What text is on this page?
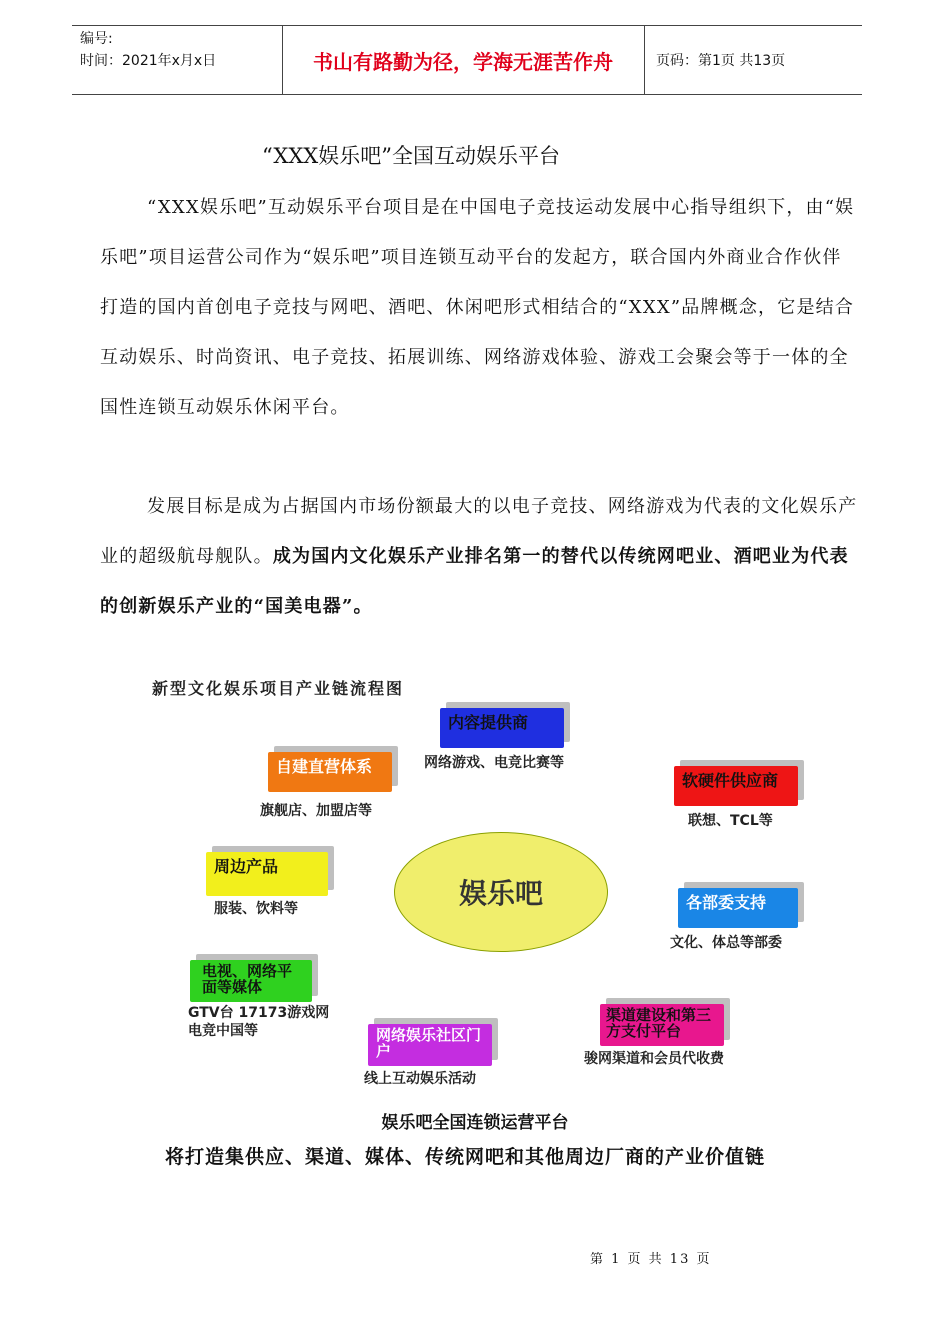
编号:
时间：2021年x月x日	书山有路勤为径，学海无涯苦作舟	页码：第1页 共13页
“XXX娱乐吧”全国互动娱乐平台

“XXX娱乐吧”互动娱乐平台项目是在中国电子竞技运动发展中心指导组织下，由“娱乐吧”项目运营公司作为“娱乐吧”项目连锁互动平台的发起方，联合国内外商业合作伙伴打造的国内首创电子竞技与网吧、酒吧、休闲吧形式相结合的“XXX”品牌概念，它是结合互动娱乐、时尚资讯、电子竞技、拓展训练、网络游戏体验、游戏工会聚会等于一体的全国性连锁互动娱乐休闲平台。

发展目标是成为占据国内市场份额最大的以电子竞技、网络游戏为代表的文化娱乐产业的超级航母舰队。成为国内文化娱乐产业排名第一的替代以传统网吧业、酒吧业为代表的创新娱乐产业的“国美电器”。

新型文化娱乐项目产业链流程图
娱乐吧
内容提供商
网络游戏、电竞比赛等
自建直营体系
旗舰店、加盟店等
软硬件供应商
联想、TCL等
周边产品
服装、饮料等	各部委支持
文化、体总等部委
电视、网络平面等媒体
GTV台 17173游戏网 电竞中国等	网络娱乐社区门户
渠道建设和第三方支付平台
骏网渠道和会员代收费
线上互动娱乐活动
娱乐吧全国连锁运营平台
将打造集供应、渠道、媒体、传统网吧和其他周边厂商的产业价值链
第 1 页 共 13 页
